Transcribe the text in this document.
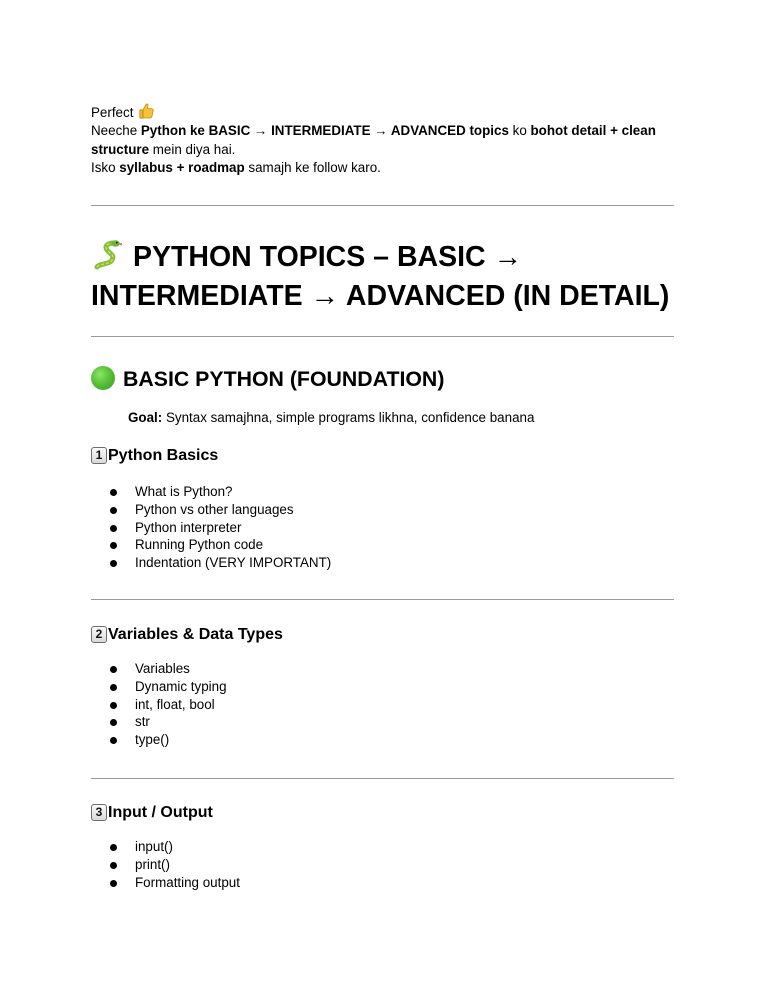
Perfect

Neeche Python ke BASIC → INTERMEDIATE → ADVANCED topics ko bohot detail + clean structure mein diya hai.

Isko syllabus + roadmap samajh ke follow karo.

PYTHON TOPICS – BASIC → INTERMEDIATE → ADVANCED (IN DETAIL)
BASIC PYTHON (FOUNDATION)
Goal: Syntax samajhna, simple programs likhna, confidence banana
1 Python Basics
What is Python?
Python vs other languages
Python interpreter
Running Python code
Indentation (VERY IMPORTANT)
2 Variables & Data Types
Variables
Dynamic typing
int, float, bool
str
type()
3 Input / Output
input()
print()
Formatting output
